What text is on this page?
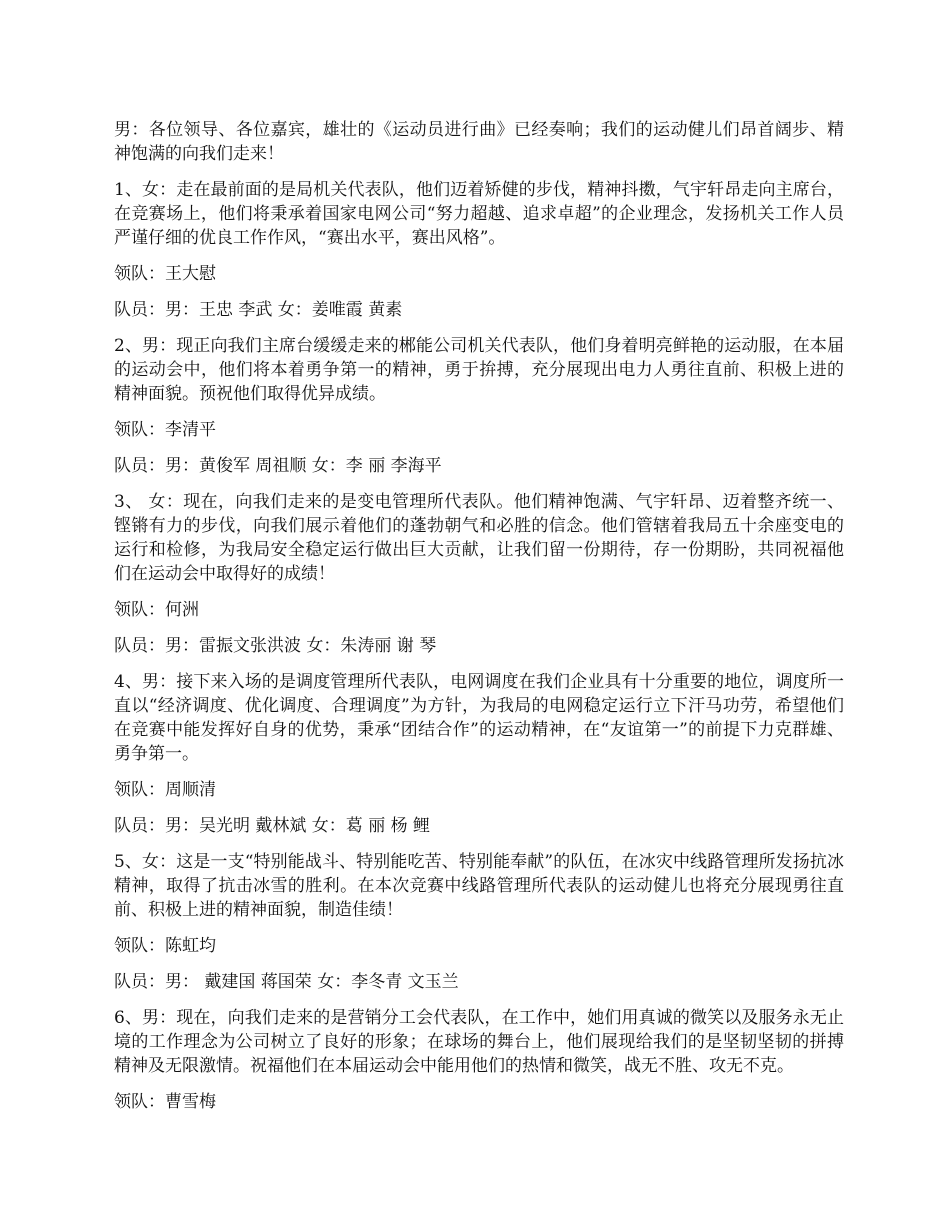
男：各位领导、各位嘉宾，雄壮的《运动员进行曲》已经奏响；我们的运动健儿们昂首阔步、精神饱满的向我们走来！

1、女：走在最前面的是局机关代表队，他们迈着矫健的步伐，精神抖擞，气宇轩昂走向主席台，在竞赛场上，他们将秉承着国家电网公司“努力超越、追求卓超”的企业理念，发扬机关工作人员严谨仔细的优良工作作风，“赛出水平，赛出风格”。

领队：王大慰

队员：男：王忠 李武 女：姜唯霞 黄素

2、男：现正向我们主席台缓缓走来的郴能公司机关代表队，他们身着明亮鲜艳的运动服，在本届的运动会中，他们将本着勇争第一的精神，勇于拚搏，充分展现出电力人勇往直前、积极上进的精神面貌。预祝他们取得优异成绩。

领队：李清平

队员：男：黄俊军 周祖顺 女：李 丽 李海平

3、 女：现在，向我们走来的是变电管理所代表队。他们精神饱满、气宇轩昂、迈着整齐统一、铿锵有力的步伐，向我们展示着他们的蓬勃朝气和必胜的信念。他们管辖着我局五十余座变电的运行和检修，为我局安全稳定运行做出巨大贡献，让我们留一份期待，存一份期盼，共同祝福他们在运动会中取得好的成绩！

领队：何洲

队员：男：雷振文张洪波 女：朱涛丽 谢 琴

4、男：接下来入场的是调度管理所代表队，电网调度在我们企业具有十分重要的地位，调度所一直以“经济调度、优化调度、合理调度”为方针，为我局的电网稳定运行立下汗马功劳，希望他们在竞赛中能发挥好自身的优势，秉承“团结合作”的运动精神，在“友谊第一”的前提下力克群雄、勇争第一。

领队：周顺清

队员：男：吴光明 戴林斌 女：葛 丽 杨 鲤

5、女：这是一支“特别能战斗、特别能吃苦、特别能奉献”的队伍，在冰灾中线路管理所发扬抗冰精神，取得了抗击冰雪的胜利。在本次竞赛中线路管理所代表队的运动健儿也将充分展现勇往直前、积极上进的精神面貌，制造佳绩！

领队：陈虹均

队员：男： 戴建国 蒋国荣 女：李冬青 文玉兰

6、男：现在，向我们走来的是营销分工会代表队，在工作中，她们用真诚的微笑以及服务永无止境的工作理念为公司树立了良好的形象；在球场的舞台上，他们展现给我们的是坚韧坚韧的拼搏精神及无限激情。祝福他们在本届运动会中能用他们的热情和微笑，战无不胜、攻无不克。

领队：曹雪梅
